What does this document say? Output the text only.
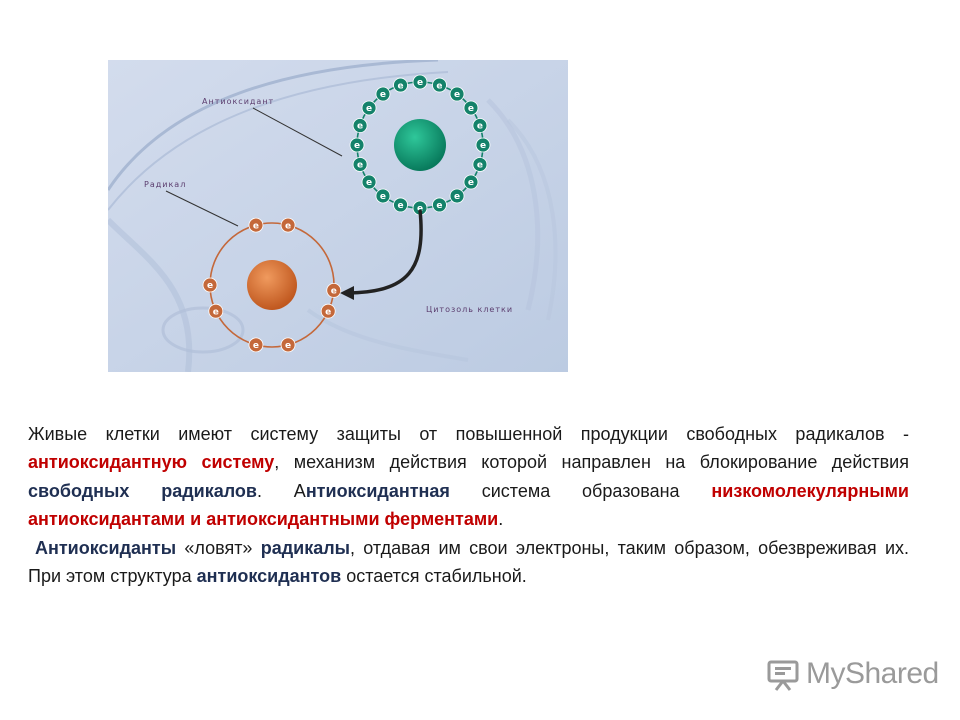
Антиоксидант
Радикал
Цитозоль клетки
e e
e
e
e
e
e
e
e
e
e
e
e
e
e
e
e
e
e
e
e	e
e
e
e
e
e
e

Живые клетки имеют систему защиты от повышенной продукции свободных радикалов - антиоксидантную систему, механизм действия которой направлен на блокирование действия свободных радикалов. Антиоксидантная система образована низкомолекулярными антиоксидантами и антиоксидантными ферментами.

Антиоксиданты «ловят» радикалы, отдавая им свои электроны, таким образом, обезвреживая их. При этом структура антиоксидантов остается стабильной.

MyShared
